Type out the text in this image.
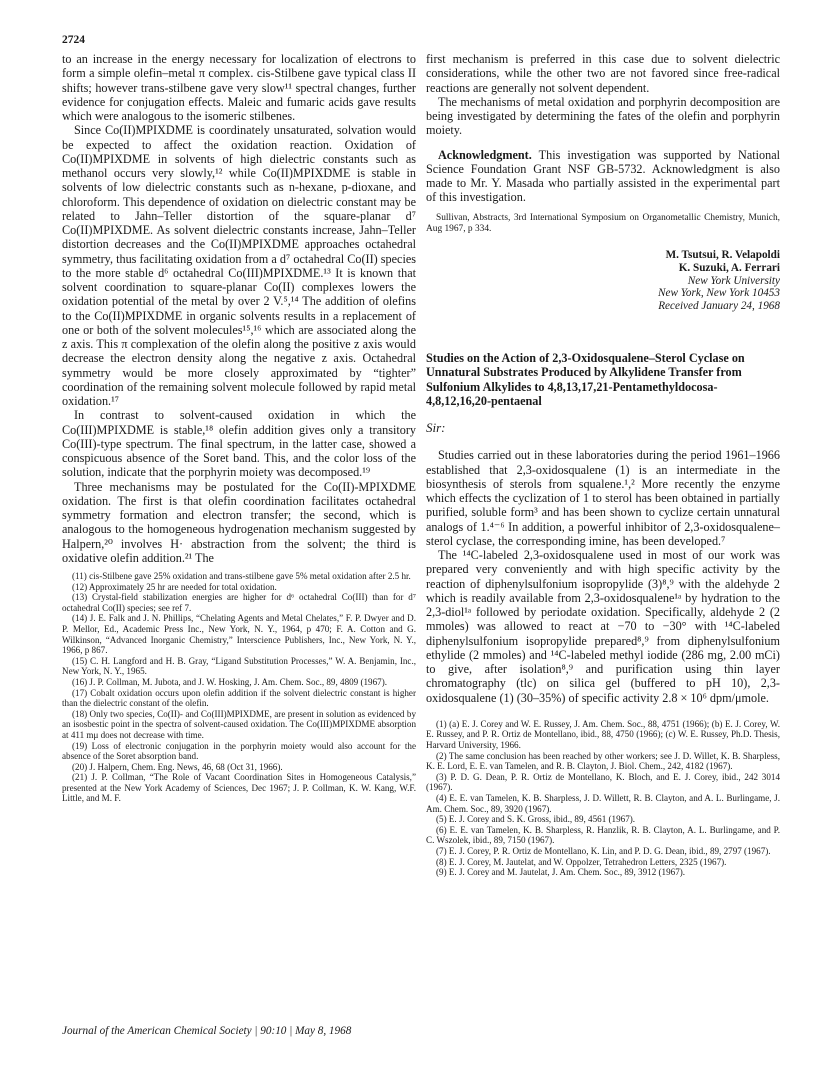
2724

to an increase in the energy necessary for localization of electrons to form a simple olefin–metal π complex. cis-Stilbene gave typical class II shifts; however trans-stilbene gave very slow¹¹ spectral changes, further evidence for conjugation effects. Maleic and fumaric acids gave results which were analogous to the isomeric stilbenes.

Since Co(II)MPIXDME is coordinately unsaturated, solvation would be expected to affect the oxidation reaction. Oxidation of Co(II)MPIXDME in solvents of high dielectric constants such as methanol occurs very slowly,¹² while Co(II)MPIXDME is stable in solvents of low dielectric constants such as n-hexane, p-dioxane, and chloroform. This dependence of oxidation on dielectric constant may be related to Jahn–Teller distortion of the square-planar d⁷ Co(II)MPIXDME. As solvent dielectric constants increase, Jahn–Teller distortion decreases and the Co(II)MPIXDME approaches octahedral symmetry, thus facilitating oxidation from a d⁷ octahedral Co(II) species to the more stable d⁶ octahedral Co(III)MPIXDME.¹³ It is known that solvent coordination to square-planar Co(II) complexes lowers the oxidation potential of the metal by over 2 V.⁵,¹⁴ The addition of olefins to the Co(II)MPIXDME in organic solvents results in a replacement of one or both of the solvent molecules¹⁵,¹⁶ which are associated along the z axis. This π complexation of the olefin along the positive z axis would decrease the electron density along the negative z axis. Octahedral symmetry would be more closely approximated by “tighter” coordination of the remaining solvent molecule followed by rapid metal oxidation.¹⁷

In contrast to solvent-caused oxidation in which the Co(III)MPIXDME is stable,¹⁸ olefin addition gives only a transitory Co(III)-type spectrum. The final spectrum, in the latter case, showed a conspicuous absence of the Soret band. This, and the color loss of the solution, indicate that the porphyrin moiety was decomposed.¹⁹

Three mechanisms may be postulated for the Co(II)-MPIXDME oxidation. The first is that olefin coordination facilitates octahedral symmetry formation and electron transfer; the second, which is analogous to the homogeneous hydrogenation mechanism suggested by Halpern,²⁰ involves H· abstraction from the solvent; the third is oxidative olefin addition.²¹ The

(11) cis-Stilbene gave 25% oxidation and trans-stilbene gave 5% metal oxidation after 2.5 hr.

(12) Approximately 25 hr are needed for total oxidation.

(13) Crystal-field stabilization energies are higher for d⁶ octahedral Co(III) than for d⁷ octahedral Co(II) species; see ref 7.

(14) J. E. Falk and J. N. Phillips, “Chelating Agents and Metal Chelates,” F. P. Dwyer and D. P. Mellor, Ed., Academic Press Inc., New York, N. Y., 1964, p 470; F. A. Cotton and G. Wilkinson, “Advanced Inorganic Chemistry,” Interscience Publishers, Inc., New York, N. Y., 1966, p 867.

(15) C. H. Langford and H. B. Gray, “Ligand Substitution Processes,” W. A. Benjamin, Inc., New York, N. Y., 1965.

(16) J. P. Collman, M. Jubota, and J. W. Hosking, J. Am. Chem. Soc., 89, 4809 (1967).

(17) Cobalt oxidation occurs upon olefin addition if the solvent dielectric constant is higher than the dielectric constant of the olefin.

(18) Only two species, Co(II)- and Co(III)MPIXDME, are present in solution as evidenced by an isosbestic point in the spectra of solvent-caused oxidation. The Co(III)MPIXDME absorption at 411 mμ does not decrease with time.

(19) Loss of electronic conjugation in the porphyrin moiety would also account for the absence of the Soret absorption band.

(20) J. Halpern, Chem. Eng. News, 46, 68 (Oct 31, 1966).

(21) J. P. Collman, “The Role of Vacant Coordination Sites in Homogeneous Catalysis,” presented at the New York Academy of Sciences, Dec 1967; J. P. Collman, K. W. Kang, W.F. Little, and M. F.

first mechanism is preferred in this case due to solvent dielectric considerations, while the other two are not favored since free-radical reactions are generally not solvent dependent.

The mechanisms of metal oxidation and porphyrin decomposition are being investigated by determining the fates of the olefin and porphyrin moiety.

Acknowledgment. This investigation was supported by National Science Foundation Grant NSF GB-5732. Acknowledgment is also made to Mr. Y. Masada who partially assisted in the experimental part of this investigation.

Sullivan, Abstracts, 3rd International Symposium on Organometallic Chemistry, Munich, Aug 1967, p 334.

M. Tsutsui, R. Velapoldi
K. Suzuki, A. Ferrari
New York University
New York, New York 10453
Received January 24, 1968
Studies on the Action of 2,3-Oxidosqualene–Sterol Cyclase on Unnatural Substrates Produced by Alkylidene Transfer from Sulfonium Alkylides to 4,8,13,17,21-Pentamethyldocosa-4,8,12,16,20-pentaenal
Sir:

Studies carried out in these laboratories during the period 1961–1966 established that 2,3-oxidosqualene (1) is an intermediate in the biosynthesis of sterols from squalene.¹,² More recently the enzyme which effects the cyclization of 1 to sterol has been obtained in partially purified, soluble form³ and has been shown to cyclize certain unnatural analogs of 1.⁴⁻⁶ In addition, a powerful inhibitor of 2,3-oxidosqualene–sterol cyclase, the corresponding imine, has been developed.⁷

The ¹⁴C-labeled 2,3-oxidosqualene used in most of our work was prepared very conveniently and with high specific activity by the reaction of diphenylsulfonium isopropylide (3)⁸,⁹ with the aldehyde 2 which is readily available from 2,3-oxidosqualene¹ᵃ by hydration to the 2,3-diol¹ᵃ followed by periodate oxidation. Specifically, aldehyde 2 (2 mmoles) was allowed to react at −70 to −30° with ¹⁴C-labeled diphenylsulfonium isopropylide prepared⁸,⁹ from diphenylsulfonium ethylide (2 mmoles) and ¹⁴C-labeled methyl iodide (286 mg, 2.00 mCi) to give, after isolation⁸,⁹ and purification using thin layer chromatography (tlc) on silica gel (buffered to pH 10), 2,3-oxidosqualene (1) (30–35%) of specific activity 2.8 × 10⁶ dpm/μmole.

(1) (a) E. J. Corey and W. E. Russey, J. Am. Chem. Soc., 88, 4751 (1966); (b) E. J. Corey, W. E. Russey, and P. R. Ortiz de Montellano, ibid., 88, 4750 (1966); (c) W. E. Russey, Ph.D. Thesis, Harvard University, 1966.

(2) The same conclusion has been reached by other workers; see J. D. Willet, K. B. Sharpless, K. E. Lord, E. E. van Tamelen, and R. B. Clayton, J. Biol. Chem., 242, 4182 (1967).

(3) P. D. G. Dean, P. R. Ortiz de Montellano, K. Bloch, and E. J. Corey, ibid., 242 3014 (1967).

(4) E. E. van Tamelen, K. B. Sharpless, J. D. Willett, R. B. Clayton, and A. L. Burlingame, J. Am. Chem. Soc., 89, 3920 (1967).

(5) E. J. Corey and S. K. Gross, ibid., 89, 4561 (1967).

(6) E. E. van Tamelen, K. B. Sharpless, R. Hanzlik, R. B. Clayton, A. L. Burlingame, and P. C. Wszolek, ibid., 89, 7150 (1967).

(7) E. J. Corey, P. R. Ortiz de Montellano, K. Lin, and P. D. G. Dean, ibid., 89, 2797 (1967).

(8) E. J. Corey, M. Jautelat, and W. Oppolzer, Tetrahedron Letters, 2325 (1967).

(9) E. J. Corey and M. Jautelat, J. Am. Chem. Soc., 89, 3912 (1967).

Journal of the American Chemical Society | 90:10 | May 8, 1968
